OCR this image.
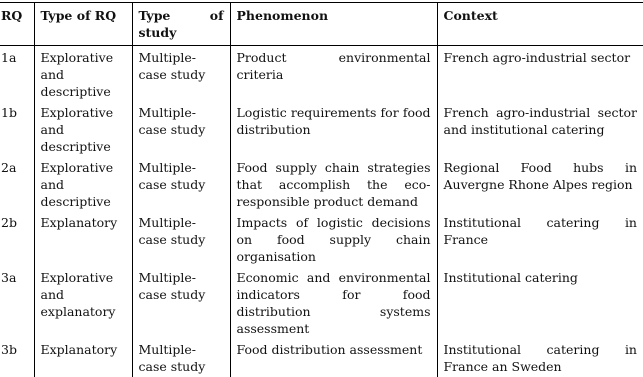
RQ	Type of RQ	Type of study	Phenomenon	Context
1a	Explorative and descriptive	Multiple-case study	Product environmental criteria	French agro-industrial sector
1b	Explorative and descriptive	Multiple-case study	Logistic requirements for food distribution	French agro-industrial sector and institutional catering
2a	Explorative and descriptive	Multiple-case study	Food supply chain strategies that accomplish the eco-responsible product demand	Regional Food hubs in Auvergne Rhone Alpes region
2b	Explanatory	Multiple-case study	Impacts of logistic decisions on food supply chain organisation	Institutional catering in France
3a	Explorative and explanatory	Multiple-case study	Economic and environmental indicators for food distribution systems assessment	Institutional catering
3b	Explanatory	Multiple-case study	Food distribution assessment	Institutional catering in France an Sweden
